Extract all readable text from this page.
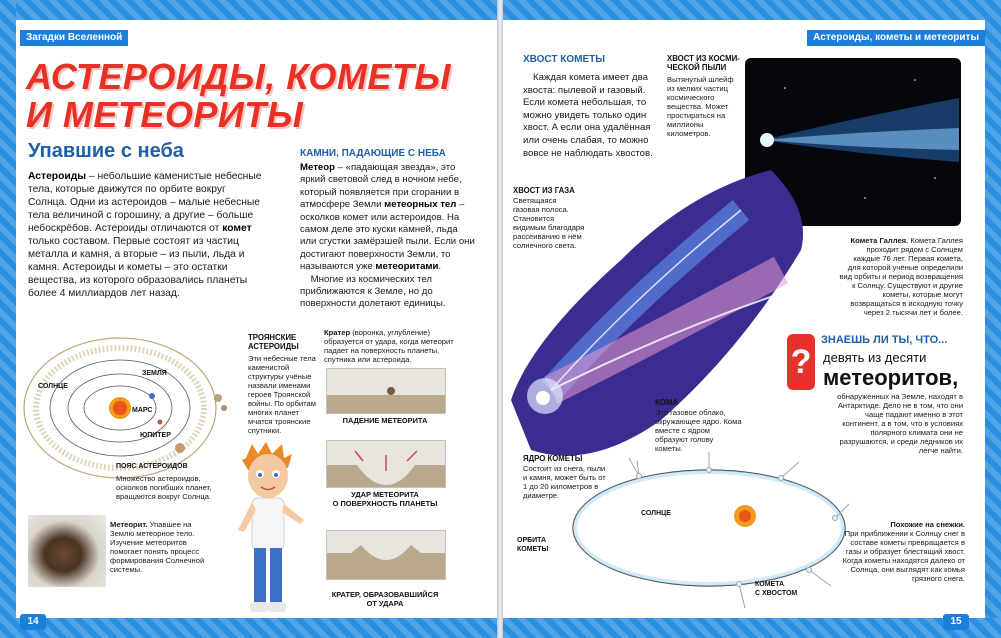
Загадки Вселенной
АСТЕРОИДЫ, КОМЕТЫ
И МЕТЕОРИТЫ
Упавшие с неба
Астероиды – небольшие каменистые небесные тела, которые движутся по орбите вокруг Солнца. Одни из астероидов – малые небесные тела величиной с горошину, а другие – больше небоскрёбов. Астероиды отличаются от комет только составом. Первые состоят из частиц металла и камня, а вторые – из пыли, льда и камня. Астероиды и кометы – это остатки вещества, из которого образовались планеты более 4 миллиардов лет назад.
КАМНИ, ПАДАЮЩИЕ С НЕБА
Метеор – «падающая звезда», это яркий световой след в ночном небе, который появляется при сгорании в атмосфере Земли метеорных тел – осколков комет или астероидов. На самом деле это куски камней, льда или сгустки замёрзшей пыли. Если они достигают поверхности Земли, то называются уже метеоритами.
Многие из космических тел приближаются к Земле, но до поверхности долетают единицы.
СОЛНЦЕ
ЗЕМЛЯ
МАРС
ЮПИТЕР
ПОЯС АСТЕРОИДОВ
Множество астероидов, осколков погибших планет, вращаются вокруг Солнца.
ТРОЯНСКИЕ
АСТЕРОИДЫ
Эти небесные тела каменистой структуры учёные назвали именами героев Троянской войны. По орбитам многих планет мчатся троянские спутники.
Метеорит. Упавшее на Землю метеорное тело. Изучение метеоритов помогает понять процесс формирования Солнечной системы.
Кратер (воронка, углубление) образуется от удара, когда метеорит падает на поверхность планеты, спутника или астероида.
ПАДЕНИЕ МЕТЕОРИТА
УДАР МЕТЕОРИТА
О ПОВЕРХНОСТЬ ПЛАНЕТЫ
КРАТЕР, ОБРАЗОВАВШИЙСЯ
ОТ УДАРА
14
Астероиды, кометы и метеориты
ХВОСТ КОМЕТЫ
Каждая комета имеет два хвоста: пылевой и газовый. Если комета небольшая, то можно увидеть только один хвост. А если она удалённая или очень слабая, то можно вовсе не наблюдать хвостов.
ХВОСТ ИЗ КОСМИ-
ЧЕСКОЙ ПЫЛИ
Вытянутый шлейф из мелких частиц космического вещества. Может простираться на миллионы километров.
ХВОСТ ИЗ ГАЗА
Светящаяся газовая полоса. Становится видимым благодаря рассеиванию в нём солнечного света.
Комета Галлея. Комета Галлея проходит рядом с Солнцем каждые 76 лет. Первая комета, для которой учёные определили вид орбиты и период возвращения к Солнцу. Существуют и другие кометы, которые могут возвращаться в исходную точку через 2 тысячи лет и более.
?
ЗНАЕШЬ ЛИ ТЫ, ЧТО...
девять из десяти
метеоритов,
обнаруженных на Земле, находят в Антарктиде. Дело не в том, что они чаще падают именно в этот континент, а в том, что в условиях полярного климата они не разрушаются, и среди ледников их легче найти.
КОМА
Это газовое облако, окружающее ядро. Кома вместе с ядром образуют голову кометы.
ЯДРО КОМЕТЫ
Состоит из снега, пыли и камня, может быть от 1 до 20 километров в диаметре.
ОРБИТА
КОМЕТЫ
СОЛНЦЕ
КОМЕТА
С ХВОСТОМ
Похожие на снежки.
При приближении к Солнцу снег в составе кометы превращается в газы и образует блестящий хвост. Когда кометы находятся далеко от Солнца, они выглядят как комья грязного снега.
15
